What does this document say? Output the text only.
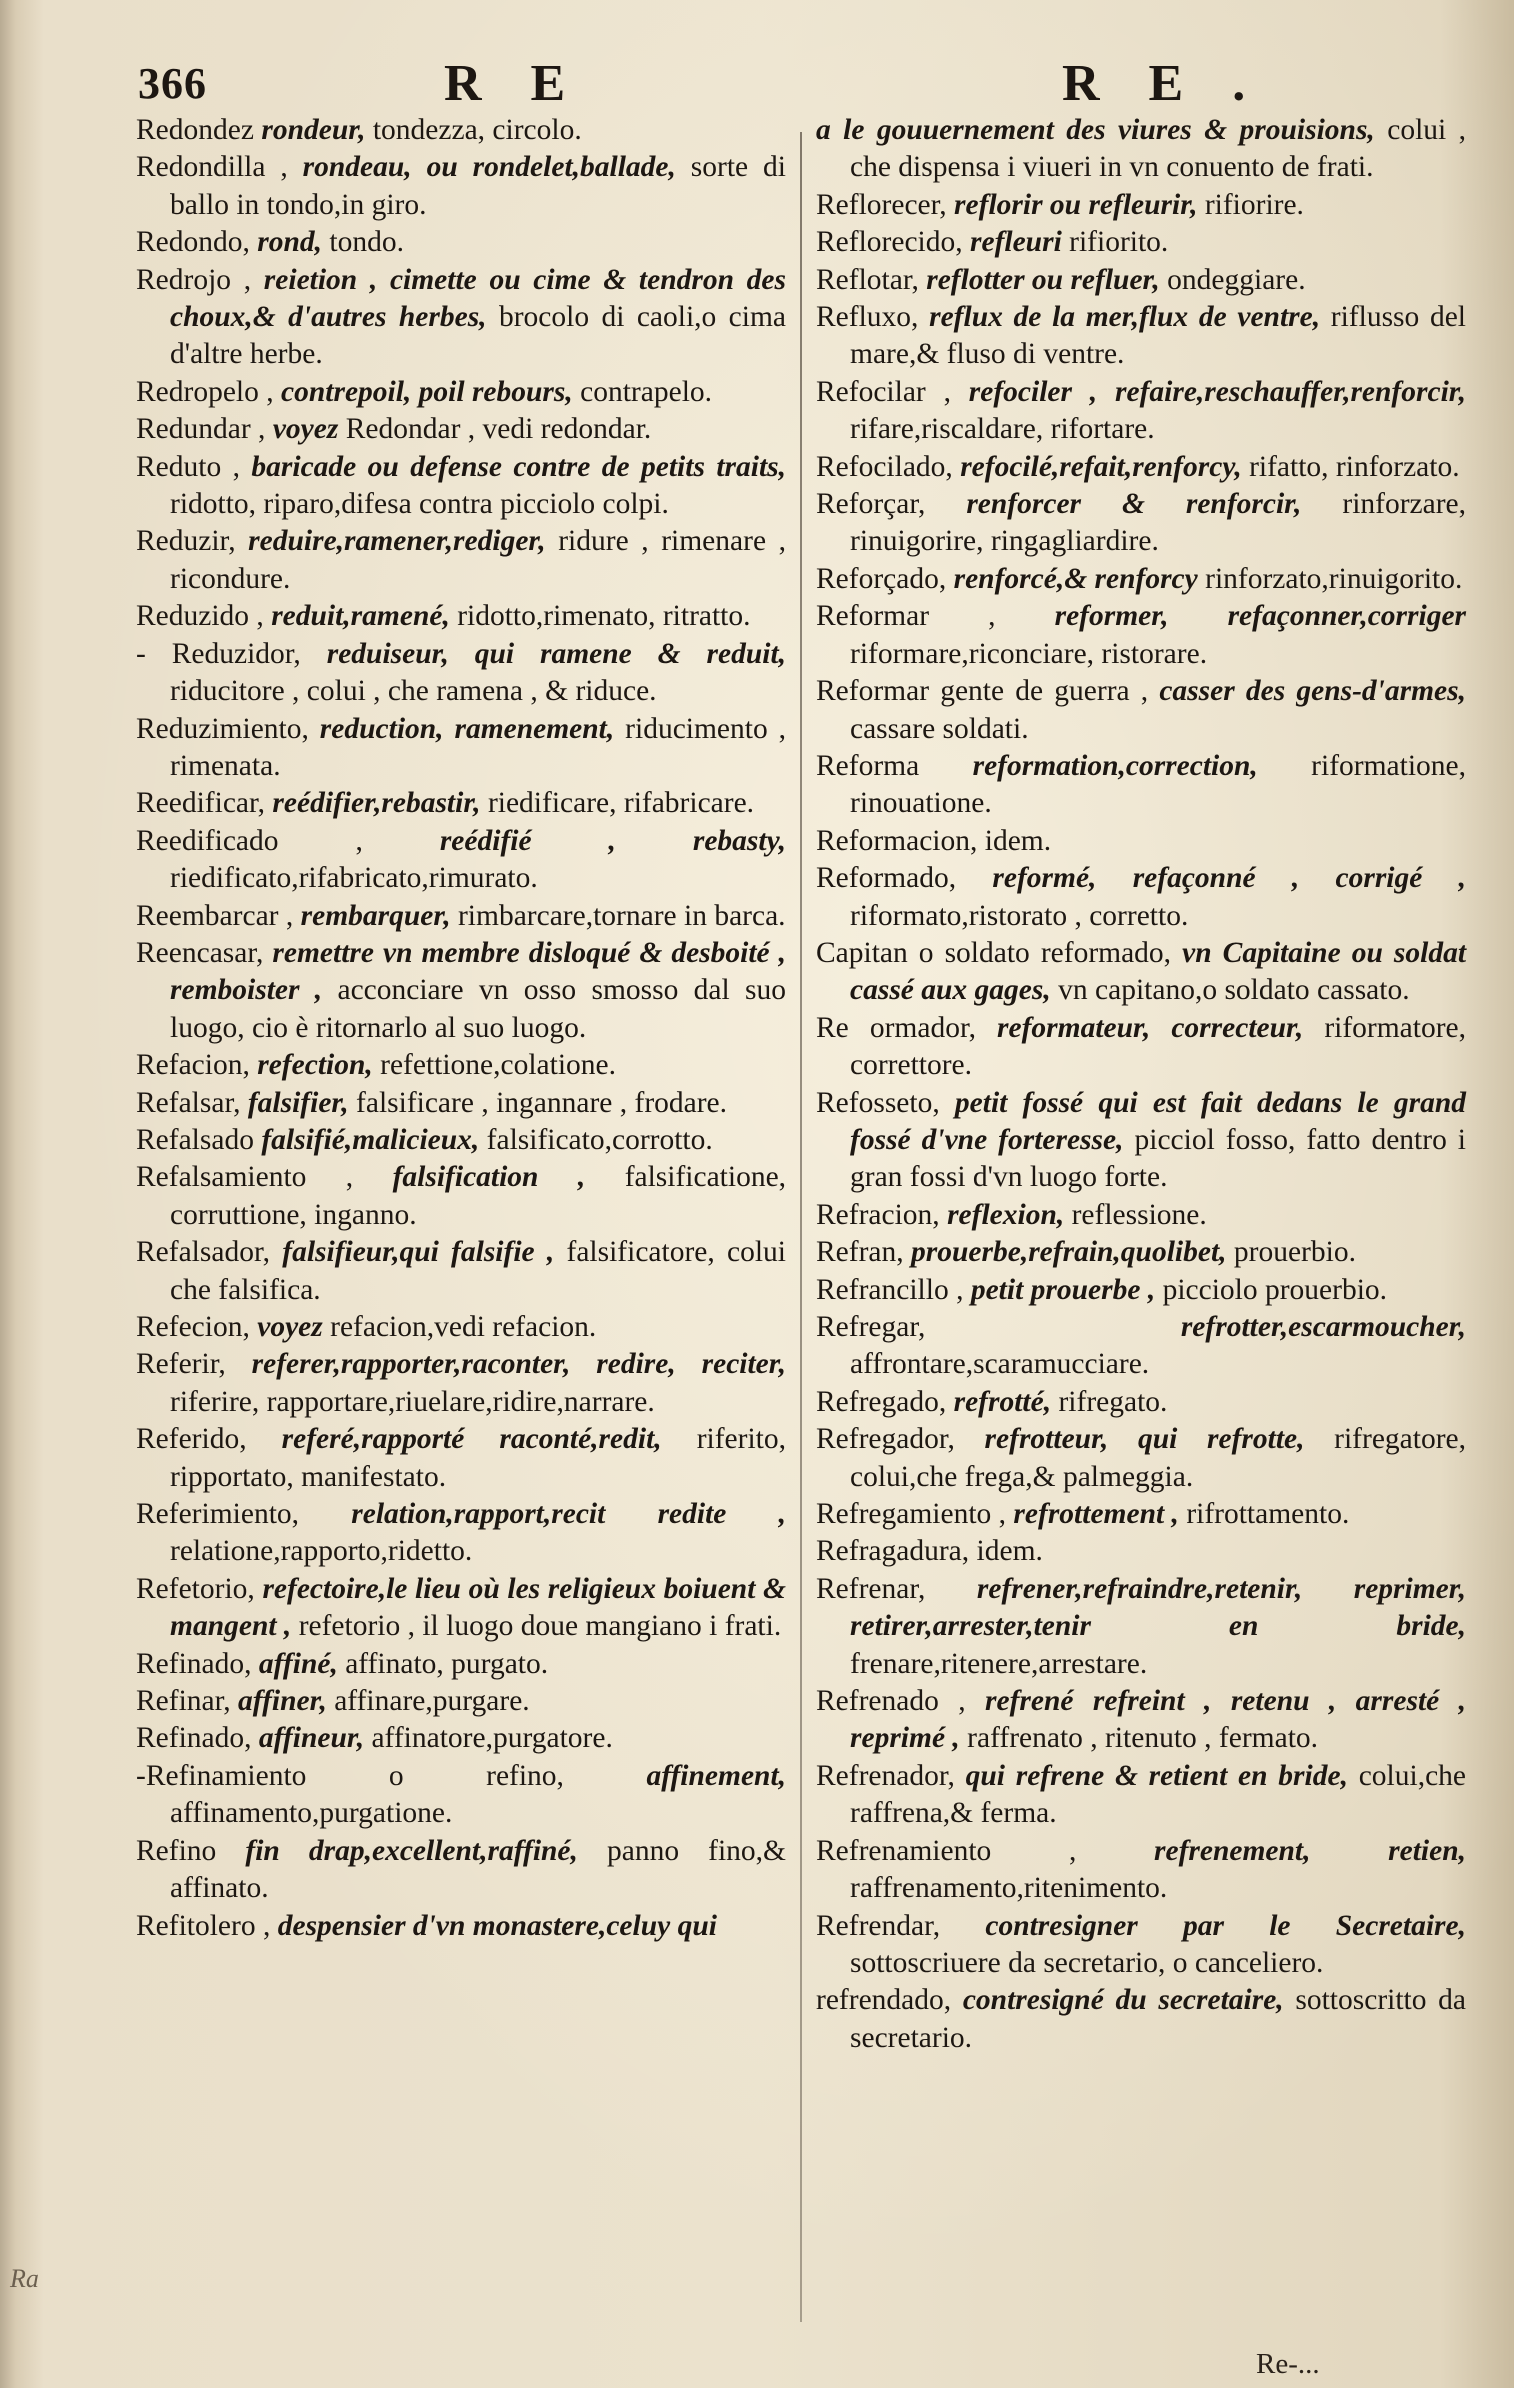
366	R E	R E .
Redondez rondeur, tondezza, circolo.
Redondilla , rondeau, ou rondelet,ballade, sorte di ballo in tondo,in giro.
Redondo, rond, tondo.
Redrojo , reietion , cimette ou cime & tendron des choux,& d'autres herbes, brocolo di caoli,o cima d'altre herbe.
Redropelo , contrepoil, poil rebours, contrapelo.
Redundar , voyez Redondar , vedi redondar.
Reduto , baricade ou defense contre de petits traits, ridotto, riparo,difesa contra picciolo colpi.
Reduzir, reduire,ramener,rediger, ridure , rimenare , ricondure.
Reduzido , reduit,ramené, ridotto,rimenato, ritratto.
- Reduzidor, reduiseur, qui ramene & reduit, riducitore , colui , che ramena , & riduce.
Reduzimiento, reduction, ramenement, riducimento , rimenata.
Reedificar, reédifier,rebastir, riedificare, rifabricare.
Reedificado ,	reédifié , rebasty, riedificato,rifabricato,rimurato.
Reembarcar , rembarquer, rimbarcare,tornare in barca.
Reencasar, remettre vn membre disloqué & desboité , remboister , acconciare vn osso smosso dal suo luogo, cio è ritornarlo al suo luogo.
Refacion, refection, refettione,colatione.
Refalsar, falsifier, falsificare , ingannare , frodare.
Refalsado falsifié,malicieux, falsificato,corrotto.
Refalsamiento , falsification , falsificatione, corruttione, inganno.
Refalsador, falsifieur,qui falsifie , falsificatore, colui che falsifica.
Refecion, voyez refacion,vedi refacion.
Referir, referer,rapporter,raconter, redire, reciter, riferire, rapportare,riuelare,ridire,narrare.
Referido, referé,rapporté raconté,redit, riferito, ripportato, manifestato.
Referimiento, relation,rapport,recit redite , relatione,rapporto,ridetto.
Refetorio, refectoire,le lieu où les religieux boiuent & mangent , refetorio , il luogo doue mangiano i frati.
Refinado, affiné, affinato, purgato.
Refinar, affiner, affinare,purgare.
Refinado, affineur, affinatore,purgatore.
-Refinamiento o refino,	affinement, affinamento,purgatione.
Refino fin drap,excellent,raffiné, panno fino,& affinato.
Refitolero , despensier d'vn monastere,celuy qui
a le gouuernement des viures & prouisions, colui , che dispensa i viueri in vn conuento de frati.
Reflorecer, reflorir ou refleurir, rifiorire.
Reflorecido, refleuri rifiorito.
Reflotar, reflotter ou refluer, ondeggiare.
Refluxo, reflux de la mer,flux de ventre, riflusso del mare,& fluso di ventre.
Refocilar , refociler , refaire,reschauffer,renforcir, rifare,riscaldare, rifortare.
Refocilado, refocilé,refait,renforcy, rifatto, rinforzato.
Reforçar, renforcer & renforcir, rinforzare, rinuigorire, ringagliardire.
Reforçado, renforcé,& renforcy rinforzato,rinuigorito.
Reformar , reformer, refaçonner,corriger riformare,riconciare, ristorare.
Reformar gente de guerra , casser des gens-d'armes, cassare soldati.
Reforma reformation,correction, riformatione, rinouatione.
Reformacion, idem.
Reformado, reformé, refaçonné , corrigé , riformato,ristorato , corretto.
Capitan o soldato reformado, vn Capitaine ou soldat cassé aux gages, vn capitano,o soldato cassato.
Re ormador, reformateur, correcteur, riformatore, correttore.
Refosseto, petit fossé qui est fait dedans le grand fossé d'vne forteresse, picciol fosso, fatto dentro i gran fossi d'vn luogo forte.
Refracion, reflexion, reflessione.
Refran, prouerbe,refrain,quolibet, prouerbio.
Refrancillo , petit prouerbe , picciolo prouerbio.
Refregar,	refrotter,escarmoucher, affrontare,scaramucciare.
Refregado, refrotté, rifregato.
Refregador, refrotteur, qui refrotte, rifregatore, colui,che frega,& palmeggia.
Refregamiento , refrottement , rifrottamento.
Refragadura, idem.
Refrenar, refrener,refraindre,retenir, reprimer, retirer,arrester,tenir en bride, frenare,ritenere,arrestare.
Refrenado , refrené refreint , retenu , arresté , reprimé , raffrenato , ritenuto , fermato.
Refrenador, qui refrene & retient en bride, colui,che raffrena,& ferma.
Refrenamiento ,	refrenement, retien, raffrenamento,ritenimento.
Refrendar, contresigner par le Secretaire, sottoscriuere da secretario, o canceliero.
refrendado, contresigné du secretaire, sottoscritto da secretario.
Re-...
Ra
